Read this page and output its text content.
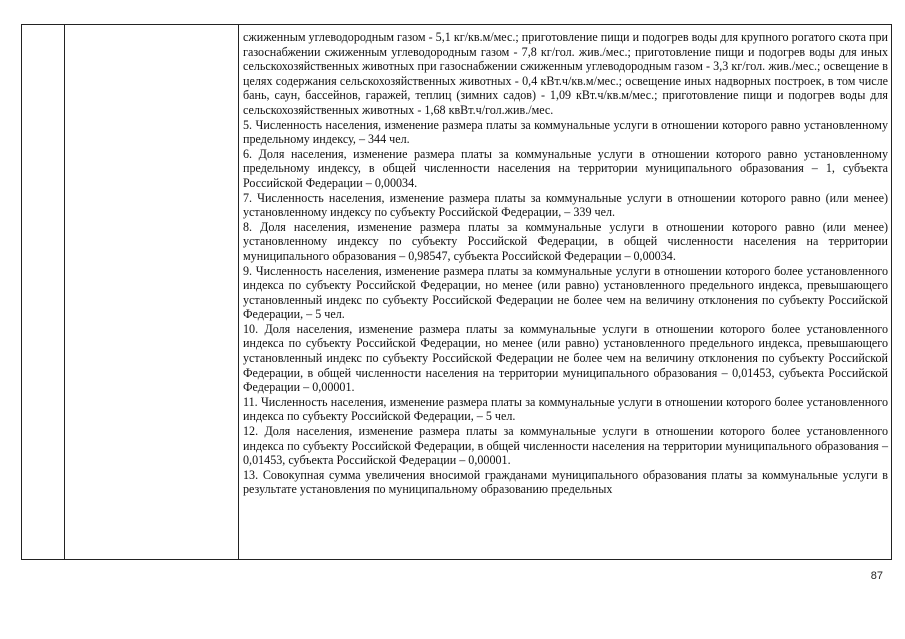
сжиженным углеводородным газом - 5,1 кг/кв.м/мес.; приготовление пищи и подогрев воды для крупного рогатого скота при газоснабжении сжиженным углеводородным газом - 7,8 кг/гол. жив./мес.; приготовление пищи и подогрев воды для иных сельскохозяйственных животных при газоснабжении сжиженным углеводородным газом - 3,3 кг/гол. жив./мес.; освещение в целях содержания сельскохозяйственных животных - 0,4 кВт.ч/кв.м/мес.; освещение иных надворных построек, в том числе бань, саун, бассейнов, гаражей, теплиц (зимних садов) - 1,09 кВт.ч/кв.м/мес.; приготовление пищи и подогрев воды для сельскохозяйственных животных - 1,68 квВт.ч/гол.жив./мес.

5. Численность населения, изменение размера платы за коммунальные услуги в отношении которого равно установленному предельному индексу, – 344 чел.

6. Доля населения, изменение размера платы за коммунальные услуги в отношении которого равно установленному предельному индексу, в общей численности населения на территории муниципального образования – 1, субъекта Российской Федерации – 0,00034.

7. Численность населения, изменение размера платы за коммунальные услуги в отношении которого равно (или менее) установленному индексу по субъекту Российской Федерации, – 339 чел.

8. Доля населения, изменение размера платы за коммунальные услуги в отношении которого равно (или менее) установленному индексу по субъекту Российской Федерации, в общей численности населения на территории муниципального образования – 0,98547, субъекта Российской Федерации – 0,00034.

9. Численность населения, изменение размера платы за коммунальные услуги в отношении которого более установленного индекса по субъекту Российской Федерации, но менее (или равно) установленного предельного индекса, превышающего установленный индекс по субъекту Российской Федерации не более чем на величину отклонения по субъекту Российской Федерации, – 5 чел.

10. Доля населения, изменение размера платы за коммунальные услуги в отношении которого более установленного индекса по субъекту Российской Федерации, но менее (или равно) установленного предельного индекса, превышающего установленный индекс по субъекту Российской Федерации не более чем на величину отклонения по субъекту Российской Федерации, в общей численности населения на территории муниципального образования – 0,01453, субъекта Российской Федерации – 0,00001.

11. Численность населения, изменение размера платы за коммунальные услуги в отношении которого более установленного индекса по субъекту Российской Федерации, – 5 чел.

12. Доля населения, изменение размера платы за коммунальные услуги в отношении которого более установленного индекса по субъекту Российской Федерации, в общей численности населения на территории муниципального образования – 0,01453, субъекта Российской Федерации – 0,00001.

13. Совокупная сумма увеличения вносимой гражданами муниципального образования платы за коммунальные услуги в результате установления по муниципальному образованию предельных

87
